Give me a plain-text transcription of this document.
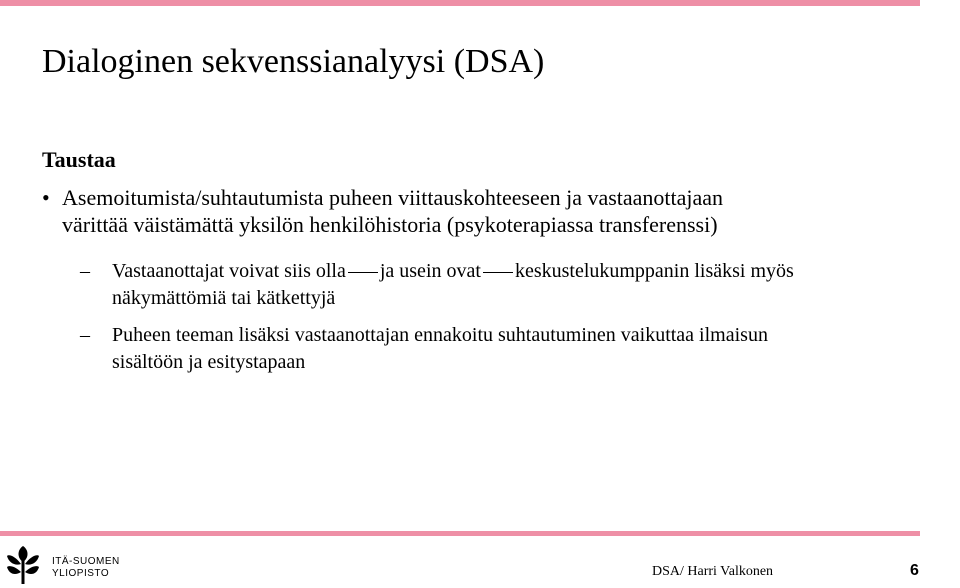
Dialoginen sekvenssianalyysi (DSA)
Taustaa
• Asemoitumista/suhtautumista puheen viittauskohteeseen ja vastaanottajaan
värittää väistämättä yksilön henkilöhistoria (psykoterapiassa transferenssi)
– Vastaanottajat voivat siis olla ja usein ovat keskustelukumppanin lisäksi myös
näkymättömiä tai kätkettyjä
– Puheen teeman lisäksi vastaanottajan ennakoitu suhtautuminen vaikuttaa ilmaisun
sisältöön ja esitystapaan
ITÄ-SUOMEN
YLIOPISTO	DSA/ Harri Valkonen	6
